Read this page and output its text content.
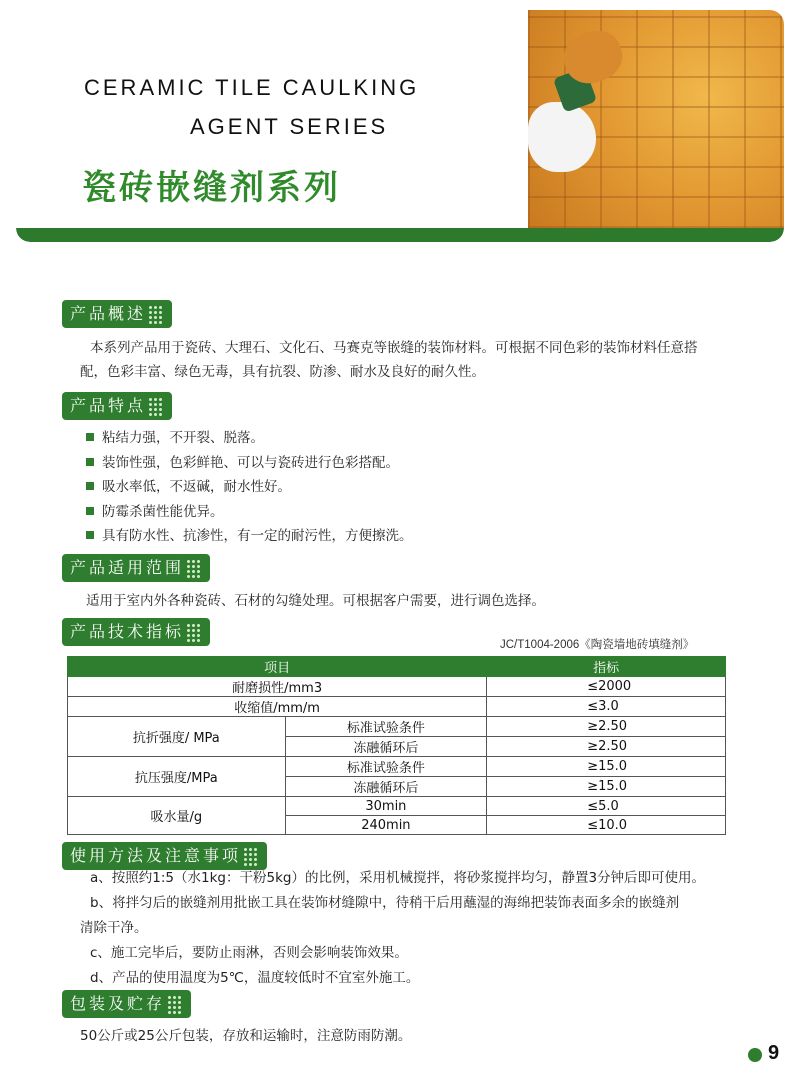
CERAMIC TILE CAULKING
AGENT SERIES
瓷砖嵌缝剂系列
产品概述
本系列产品用于瓷砖、大理石、文化石、马赛克等嵌缝的装饰材料。可根据不同色彩的装饰材料任意搭
配，色彩丰富、绿色无毒，具有抗裂、防渗、耐水及良好的耐久性。
产品特点
粘结力强，不开裂、脱落。
装饰性强，色彩鲜艳、可以与瓷砖进行色彩搭配。
吸水率低，不返碱，耐水性好。
防霉杀菌性能优异。
具有防水性、抗渗性，有一定的耐污性，方便擦洗。
产品适用范围
适用于室内外各种瓷砖、石材的勾缝处理。可根据客户需要，进行调色选择。
产品技术指标
JC/T1004-2006《陶瓷墙地砖填缝剂》
项目		指标
耐磨损性/mm3		≤2000
收缩值/mm/m		≤3.0
抗折强度/ MPa	标准试验条件	≥2.50
	冻融循环后	≥2.50
抗压强度/MPa	标准试验条件	≥15.0
	冻融循环后	≥15.0
吸水量/g	30min	≤5.0
	240min	≤10.0
使用方法及注意事项
a、按照约1:5（水1kg：干粉5kg）的比例，采用机械搅拌，将砂浆搅拌均匀，静置3分钟后即可使用。
b、将拌匀后的嵌缝剂用批嵌工具在装饰材缝隙中，待稍干后用蘸湿的海绵把装饰表面多余的嵌缝剂
清除干净。
c、施工完毕后，要防止雨淋，否则会影响装饰效果。
d、产品的使用温度为5℃，温度较低时不宜室外施工。
包装及贮存
50公斤或25公斤包装，存放和运输时，注意防雨防潮。
9
